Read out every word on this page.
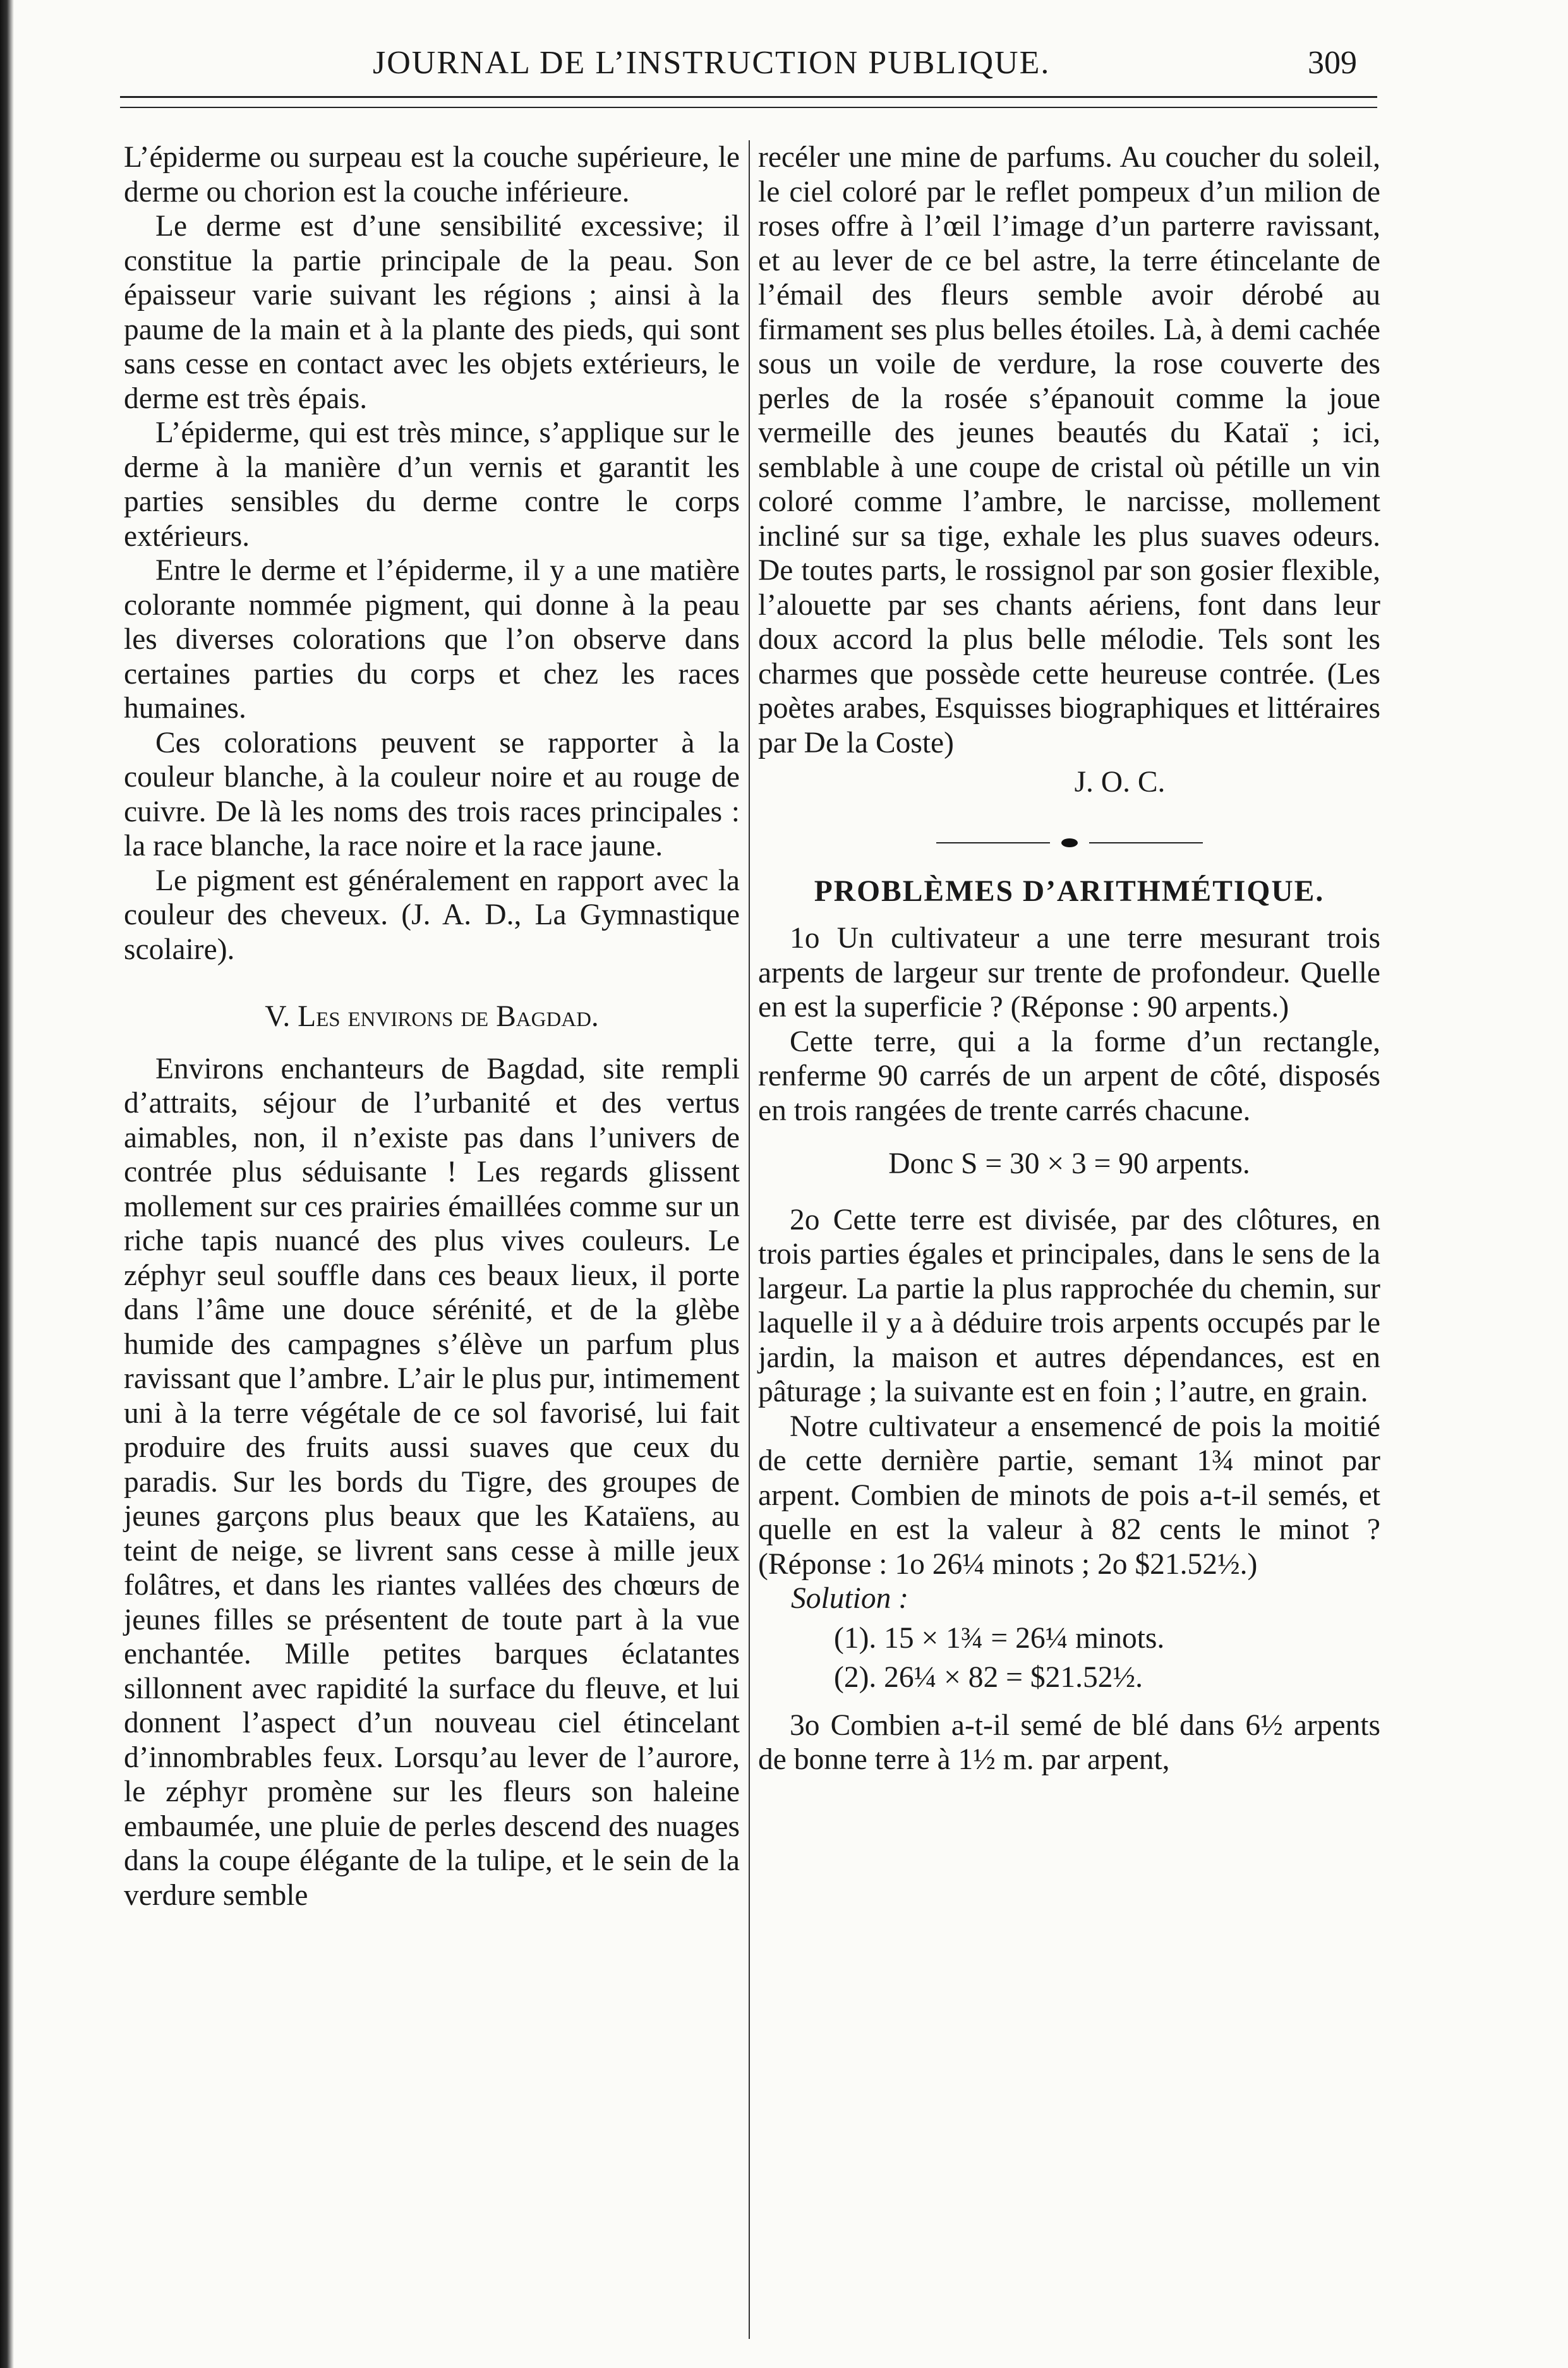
JOURNAL DE L’INSTRUCTION PUBLIQUE.	309

L’épiderme ou surpeau est la couche supérieure, le derme ou chorion est la couche inférieure.

Le derme est d’une sensibilité excessive; il constitue la partie principale de la peau. Son épaisseur varie suivant les régions ; ainsi à la paume de la main et à la plante des pieds, qui sont sans cesse en contact avec les objets extérieurs, le derme est très épais.

L’épiderme, qui est très mince, s’applique sur le derme à la manière d’un vernis et garantit les parties sensibles du derme contre le corps extérieurs.

Entre le derme et l’épiderme, il y a une matière colorante nommée pigment, qui donne à la peau les diverses colorations que l’on observe dans certaines parties du corps et chez les races humaines.

Ces colorations peuvent se rapporter à la couleur blanche, à la couleur noire et au rouge de cuivre. De là les noms des trois races principales : la race blanche, la race noire et la race jaune.

Le pigment est généralement en rapport avec la couleur des cheveux. (J. A. D., La Gymnastique scolaire).

V. Les environs de Bagdad.

Environs enchanteurs de Bagdad, site rempli d’attraits, séjour de l’urbanité et des vertus aimables, non, il n’existe pas dans l’univers de contrée plus séduisante ! Les regards glissent mollement sur ces prairies émaillées comme sur un riche tapis nuancé des plus vives couleurs. Le zéphyr seul souffle dans ces beaux lieux, il porte dans l’âme une douce sérénité, et de la glèbe humide des campagnes s’élève un parfum plus ravissant que l’ambre. L’air le plus pur, intimement uni à la terre végétale de ce sol favorisé, lui fait produire des fruits aussi suaves que ceux du paradis. Sur les bords du Tigre, des groupes de jeunes garçons plus beaux que les Kataïens, au teint de neige, se livrent sans cesse à mille jeux folâtres, et dans les riantes vallées des chœurs de jeunes filles se présentent de toute part à la vue enchantée. Mille petites barques éclatantes sillonnent avec rapidité la surface du fleuve, et lui donnent l’aspect d’un nouveau ciel étincelant d’innombrables feux. Lorsqu’au lever de l’aurore, le zéphyr promène sur les fleurs son haleine embaumée, une pluie de perles descend des nuages dans la coupe élégante de la tulipe, et le sein de la verdure semble

recéler une mine de parfums. Au coucher du soleil, le ciel coloré par le reflet pompeux d’un milion de roses offre à l’œil l’image d’un parterre ravissant, et au lever de ce bel astre, la terre étincelante de l’émail des fleurs semble avoir dérobé au firmament ses plus belles étoiles. Là, à demi cachée sous un voile de verdure, la rose couverte des perles de la rosée s’épanouit comme la joue vermeille des jeunes beautés du Kataï ; ici, semblable à une coupe de cristal où pétille un vin coloré comme l’ambre, le narcisse, mollement incliné sur sa tige, exhale les plus suaves odeurs. De toutes parts, le rossignol par son gosier flexible, l’alouette par ses chants aériens, font dans leur doux accord la plus belle mélodie. Tels sont les charmes que possède cette heureuse contrée. (Les poètes arabes, Esquisses biographiques et littéraires par De la Coste)

J. O. C.

PROBLÈMES D’ARITHMÉTIQUE.

1o Un cultivateur a une terre mesurant trois arpents de largeur sur trente de profondeur. Quelle en est la superficie ? (Réponse : 90 arpents.)

Cette terre, qui a la forme d’un rectangle, renferme 90 carrés de un arpent de côté, disposés en trois rangées de trente carrés chacune.

Donc S = 30 × 3 = 90 arpents.

2o Cette terre est divisée, par des clôtures, en trois parties égales et principales, dans le sens de la largeur. La partie la plus rapprochée du chemin, sur laquelle il y a à déduire trois arpents occupés par le jardin, la maison et autres dépendances, est en pâturage ; la suivante est en foin ; l’autre, en grain.

Notre cultivateur a ensemencé de pois la moitié de cette dernière partie, semant 1¾ minot par arpent. Combien de minots de pois a-t-il semés, et quelle en est la valeur à 82 cents le minot ? (Réponse : 1o 26¼ minots ; 2o $21.52½.)

Solution :

(1). 15 × 1¾ = 26¼ minots.
(2). 26¼ × 82 = $21.52½.

3o Combien a-t-il semé de blé dans 6½ arpents de bonne terre à 1½ m. par arpent,
